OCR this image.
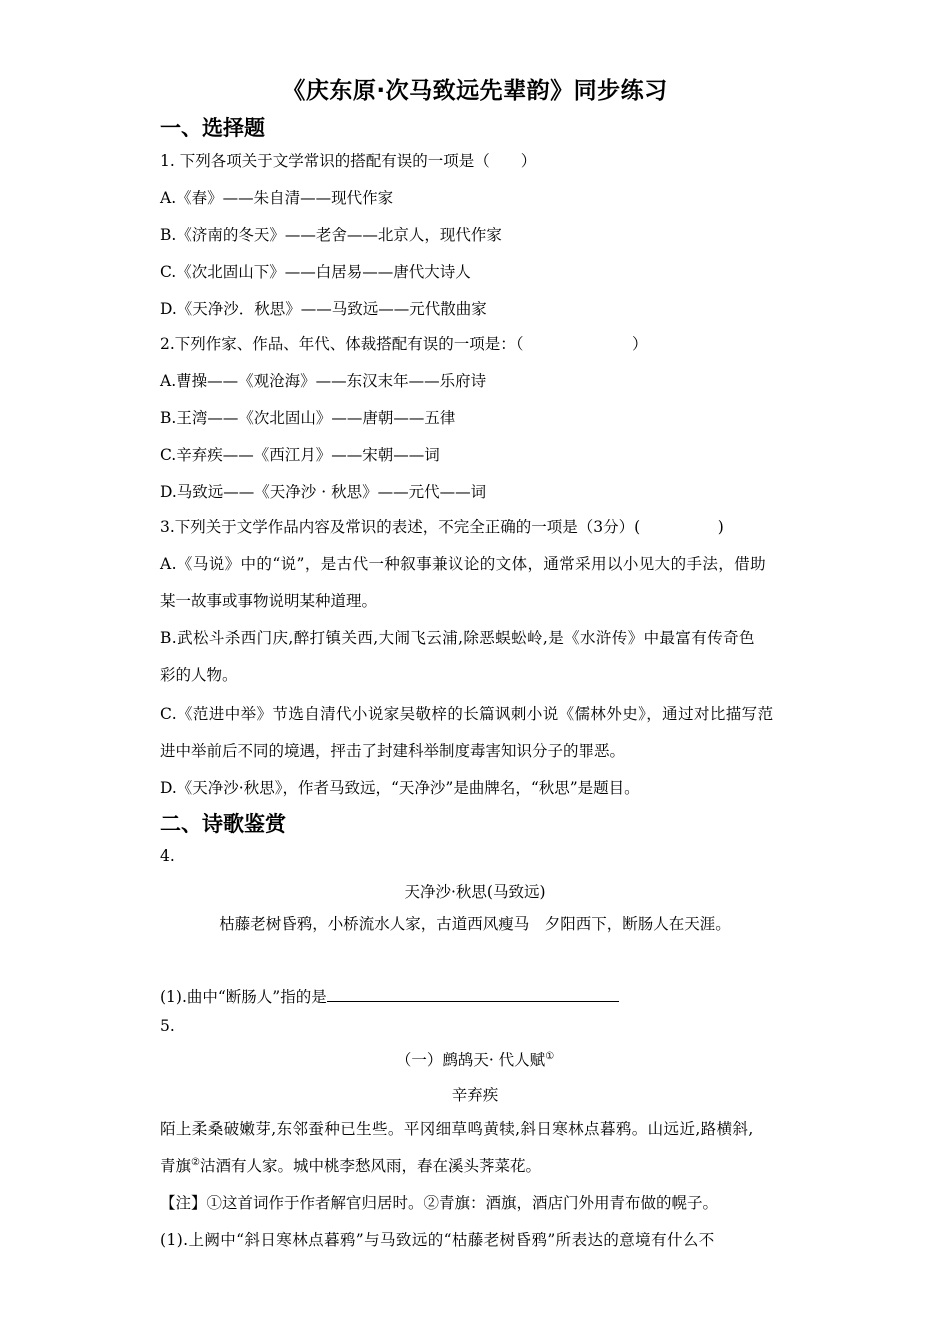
《庆东原·次马致远先辈韵》同步练习
一、选择题
1. 下列各项关于文学常识的搭配有误的一项是（　　）
A.《春》——朱自清——现代作家
B.《济南的冬天》——老舍——北京人，现代作家
C.《次北固山下》——白居易——唐代大诗人
D.《天净沙．秋思》——马致远——元代散曲家
2.下列作家、作品、年代、体裁搭配有误的一项是：（　　　　　　　）
A.曹操——《观沧海》——东汉末年——乐府诗
B.王湾——《次北固山》——唐朝——五律
C.辛弃疾——《西江月》——宋朝——词
D.马致远——《天净沙 · 秋思》——元代——词
3.下列关于文学作品内容及常识的表述，不完全正确的一项是（3分）(　　　　　)
A.《马说》中的“说”，是古代一种叙事兼议论的文体，通常采用以小见大的手法，借助
某一故事或事物说明某种道理。
B.武松斗杀西门庆,醉打镇关西,大闹飞云浦,除恶蜈蚣岭,是《水浒传》中最富有传奇色
彩的人物。
C.《范进中举》节选自清代小说家吴敬梓的长篇讽刺小说《儒林外史》，通过对比描写范
进中举前后不同的境遇，抨击了封建科举制度毒害知识分子的罪恶。
D.《天净沙·秋思》，作者马致远，“天净沙”是曲牌名，“秋思”是题目。
二、诗歌鉴赏
4.
天净沙·秋思(马致远)
枯藤老树昏鸦，小桥流水人家，古道西风瘦马　夕阳西下，断肠人在天涯。
(1).曲中“断肠人”指的是
5.
（一）鹧鸪天· 代人赋①
辛弃疾
陌上柔桑破嫩芽,东邻蚕种已生些。平冈细草鸣黄犊,斜日寒林点暮鸦。山远近,路横斜,
青旗②沽酒有人家。城中桃李愁风雨，春在溪头荠菜花。
【注】①这首词作于作者解官归居时。②青旗：酒旗，酒店门外用青布做的幌子。
(1).上阙中“斜日寒林点暮鸦”与马致远的“枯藤老树昏鸦”所表达的意境有什么不
